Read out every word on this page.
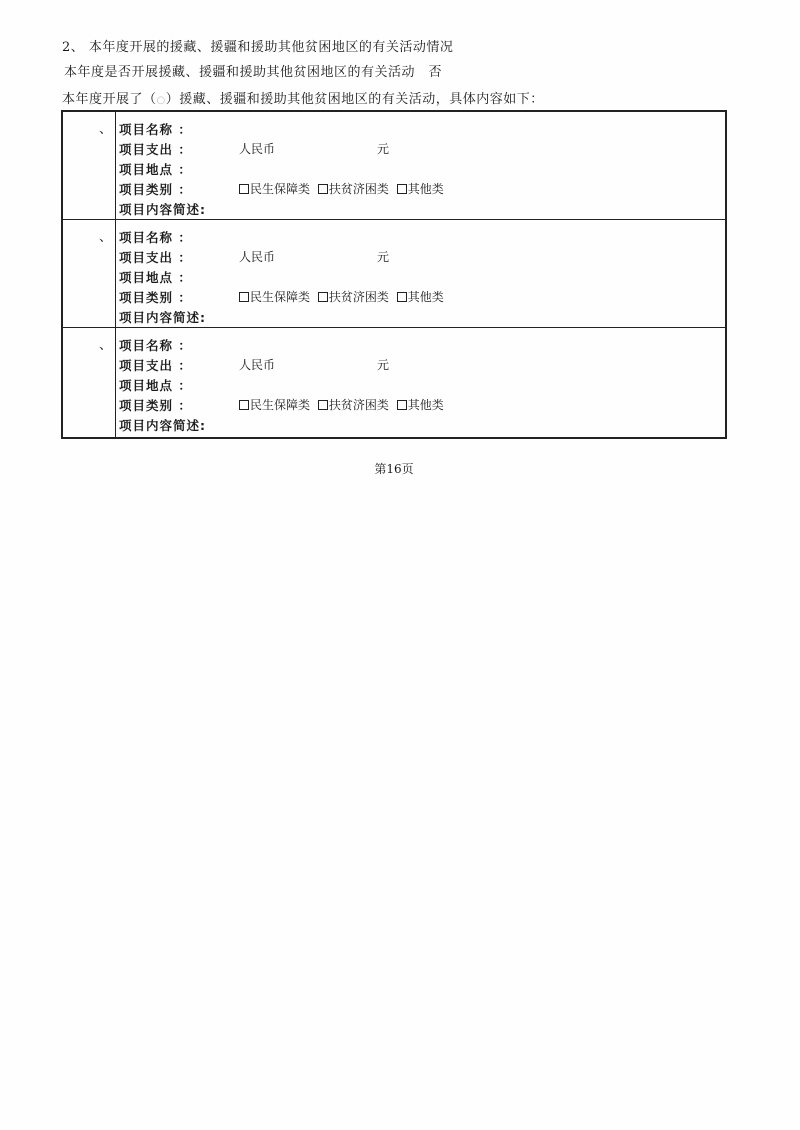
2、 本年度开展的援藏、援疆和援助其他贫困地区的有关活动情况
本年度是否开展援藏、援疆和援助其他贫困地区的有关活动　否
本年度开展了（○）援藏、援疆和援助其他贫困地区的有关活动，具体内容如下：
、 项目名称 ：
项目支出 ：	人民币	元
项目地点 ：
项目类别 ：	民生保障类 扶贫济困类 其他类
项目内容简述:
、 项目名称 ：
项目支出 ：	人民币	元
项目地点 ：
项目类别 ：	民生保障类 扶贫济困类 其他类
项目内容简述:
、 项目名称 ：
项目支出 ：	人民币	元
项目地点 ：
项目类别 ：	民生保障类 扶贫济困类 其他类
项目内容简述:
第16页
